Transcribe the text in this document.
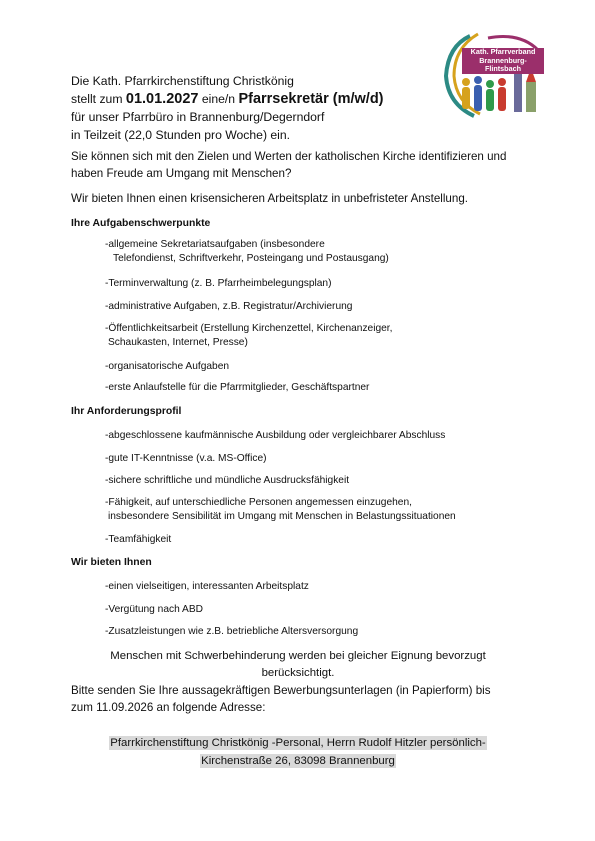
Kath. Pfarrverband
Brannenburg-Flintsbach
Die Kath. Pfarrkirchenstiftung Christkönig
stellt zum 01.01.2027 eine/n Pfarrsekretär (m/w/d)
für unser Pfarrbüro in Brannenburg/Degerndorf
in Teilzeit (22,0 Stunden pro Woche) ein.
Sie können sich mit den Zielen und Werten der katholischen Kirche identifizieren und
haben Freude am Umgang mit Menschen?
Wir bieten Ihnen einen krisensicheren Arbeitsplatz in unbefristeter Anstellung.
Ihre Aufgabenschwerpunkte
-allgemeine Sekretariatsaufgaben (insbesondere
Telefondienst, Schriftverkehr, Posteingang und Postausgang)
-Terminverwaltung (z. B. Pfarrheimbelegungsplan)
-administrative Aufgaben, z.B. Registratur/Archivierung
-Öffentlichkeitsarbeit (Erstellung Kirchenzettel, Kirchenanzeiger,
Schaukasten, Internet, Presse)
-organisatorische Aufgaben
-erste Anlaufstelle für die Pfarrmitglieder, Geschäftspartner
Ihr Anforderungsprofil
-abgeschlossene kaufmännische Ausbildung oder vergleichbarer Abschluss
-gute IT-Kenntnisse (v.a. MS-Office)
-sichere schriftliche und mündliche Ausdrucksfähigkeit
-Fähigkeit, auf unterschiedliche Personen angemessen einzugehen,
insbesondere Sensibilität im Umgang mit Menschen in Belastungssituationen
-Teamfähigkeit
Wir bieten Ihnen
-einen vielseitigen, interessanten Arbeitsplatz
-Vergütung nach ABD
-Zusatzleistungen wie z.B. betriebliche Altersversorgung
Menschen mit Schwerbehinderung werden bei gleicher Eignung bevorzugt
berücksichtigt.
Bitte senden Sie Ihre aussagekräftigen Bewerbungsunterlagen (in Papierform) bis
zum 11.09.2026 an folgende Adresse:
Pfarrkirchenstiftung Christkönig -Personal, Herrn Rudolf Hitzler persönlich-
Kirchenstraße 26, 83098 Brannenburg
